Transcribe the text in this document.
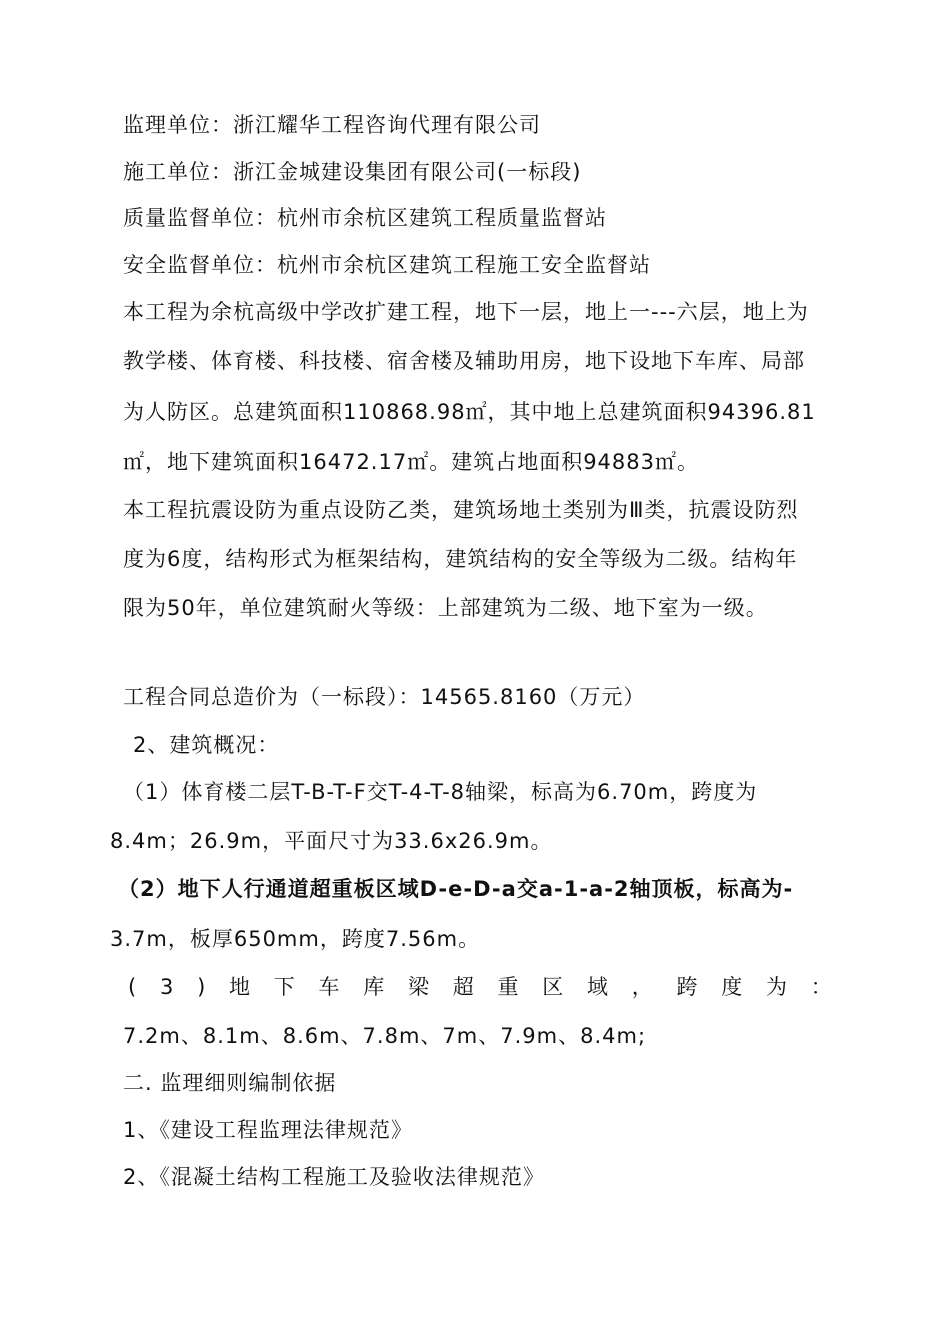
监理单位：浙江耀华工程咨询代理有限公司
施工单位：浙江金城建设集团有限公司(一标段)
质量监督单位：杭州市余杭区建筑工程质量监督站
安全监督单位：杭州市余杭区建筑工程施工安全监督站
本工程为余杭高级中学改扩建工程，地下一层，地上一---六层，地上为
教学楼、体育楼、科技楼、宿舍楼及辅助用房，地下设地下车库、局部
为人防区。总建筑面积110868.98㎡，其中地上总建筑面积94396.81
㎡，地下建筑面积16472.17㎡。建筑占地面积94883㎡。
本工程抗震设防为重点设防乙类，建筑场地土类别为Ⅲ类，抗震设防烈
度为6度，结构形式为框架结构，建筑结构的安全等级为二级。结构年
限为50年，单位建筑耐火等级：上部建筑为二级、地下室为一级。
工程合同总造价为（一标段）：14565.8160（万元）
2、建筑概况：
（1）体育楼二层T-B-T-F交T-4-T-8轴梁，标高为6.70m，跨度为
8.4m；26.9m，平面尺寸为33.6x26.9m。
（2）地下人行通道超重板区域D-e-D-a交a-1-a-2轴顶板，标高为-
3.7m，板厚650mm，跨度7.56m。
( 3 ) 地 下 车 库 梁 超 重 区 域 ， 跨 度 为 ：
7.2m、8.1m、8.6m、7.8m、7m、7.9m、8.4m;
二. 监理细则编制依据
1、《建设工程监理法律规范》
2、《混凝土结构工程施工及验收法律规范》
